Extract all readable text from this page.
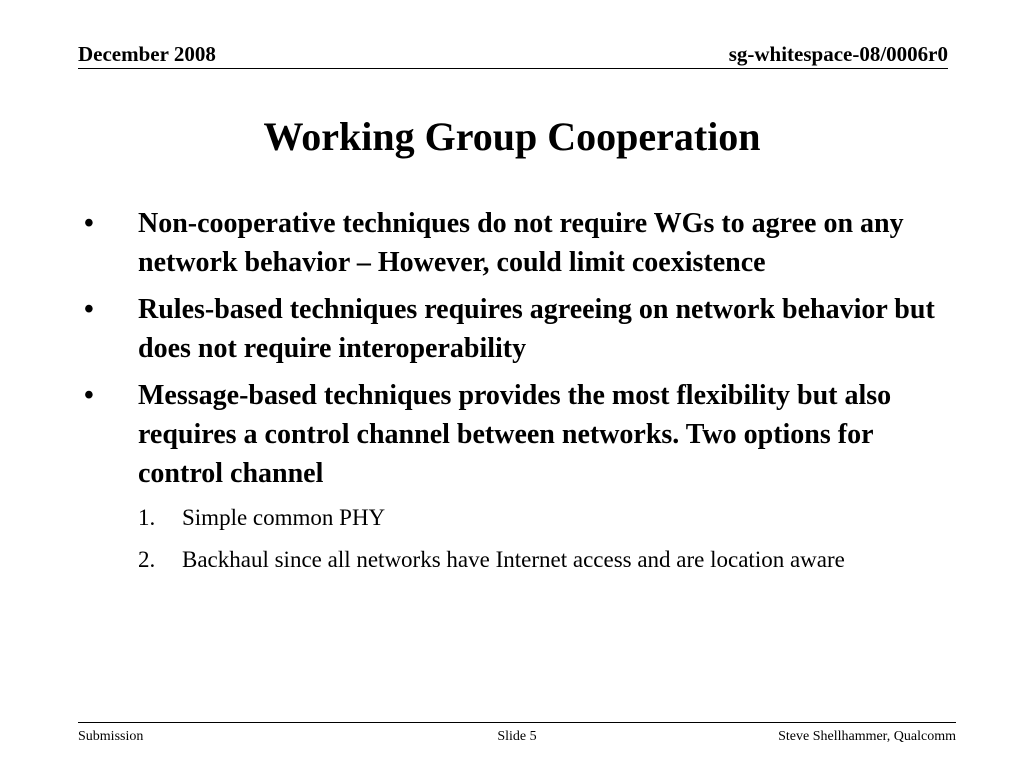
December 2008	sg-whitespace-08/0006r0
Working Group Cooperation
•	Non-cooperative techniques do not require WGs to agree on any network behavior – However, could limit coexistence
•	Rules-based techniques requires agreeing on network behavior but does not require interoperability
•	Message-based techniques provides the most flexibility but also requires a control channel between networks. Two options for control channel
1.	Simple common PHY
2.	Backhaul since all networks have Internet access and are location aware
Submission	Slide 5	Steve Shellhammer, Qualcomm
